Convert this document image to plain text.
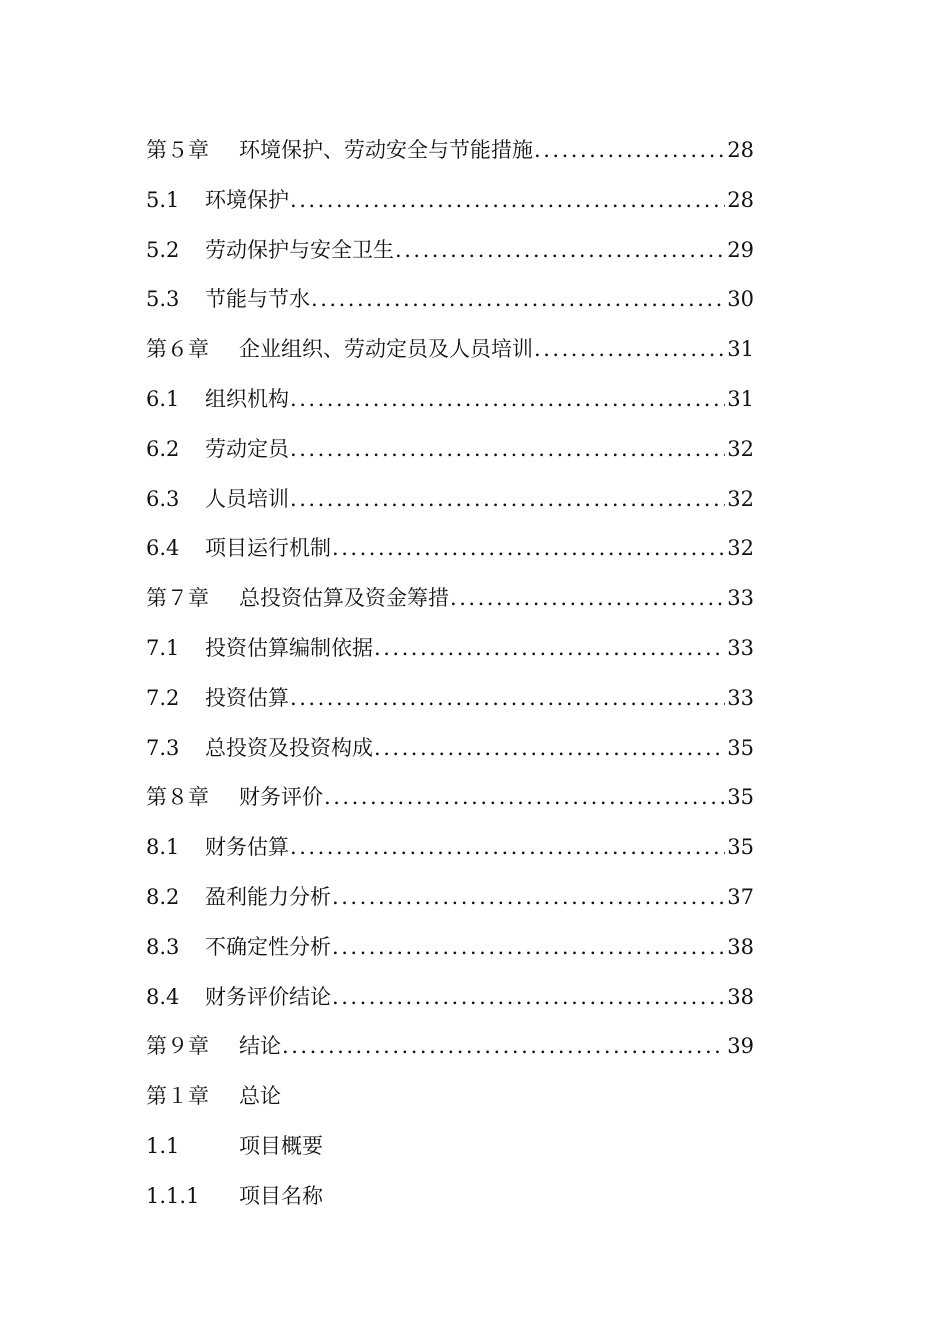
第５章	环境保护、劳动安全与节能措施 .....	28
5.1	环境保护 .....	28
5.2	劳动保护与安全卫生 .....	29
5.3	节能与节水 .....	30
第６章	企业组织、劳动定员及人员培训 .....	31
6.1	组织机构 .....	31
6.2	劳动定员 .....	32
6.3	人员培训 .....	32
6.4	项目运行机制 .....	32
第７章	总投资估算及资金筹措 .....	33
7.1	投资估算编制依据 .....	33
7.2	投资估算 .....	33
7.3	总投资及投资构成 .....	35
第８章	财务评价 .....	35
8.1	财务估算 .....	35
8.2	盈利能力分析 .....	37
8.3	不确定性分析 .....	38
8.4	财务评价结论 .....	38
第９章	结论 .....	39
第１章	总论
1.1	项目概要
1.1.1	项目名称
